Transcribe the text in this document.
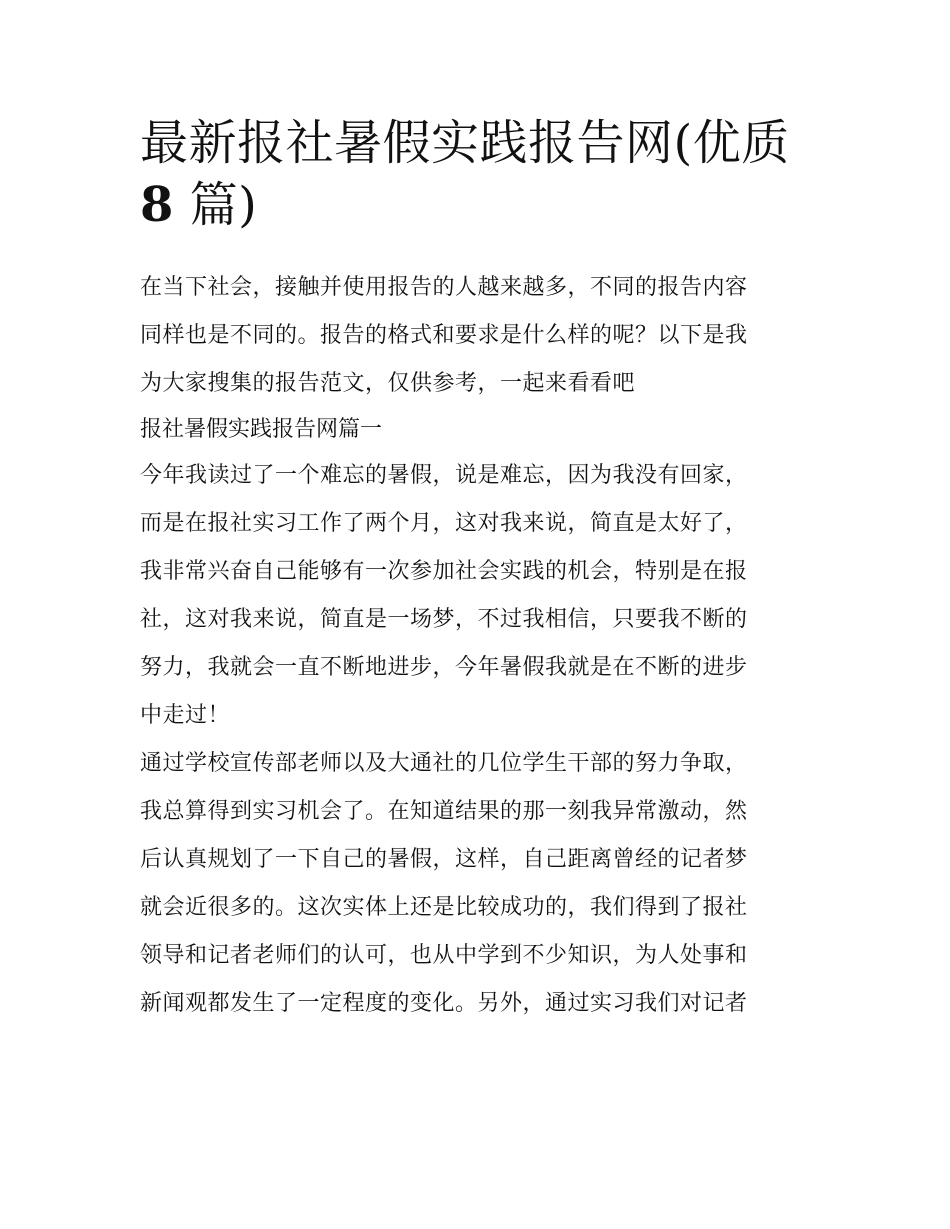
最新报社暑假实践报告网(优质
8 篇)

在当下社会，接触并使用报告的人越来越多，不同的报告内容

同样也是不同的。报告的格式和要求是什么样的呢？以下是我

为大家搜集的报告范文，仅供参考，一起来看看吧

报社暑假实践报告网篇一

今年我读过了一个难忘的暑假，说是难忘，因为我没有回家，

而是在报社实习工作了两个月，这对我来说，简直是太好了，

我非常兴奋自己能够有一次参加社会实践的机会，特别是在报

社，这对我来说，简直是一场梦，不过我相信，只要我不断的

努力，我就会一直不断地进步，今年暑假我就是在不断的进步

中走过！

通过学校宣传部老师以及大通社的几位学生干部的努力争取，

我总算得到实习机会了。在知道结果的那一刻我异常激动，然

后认真规划了一下自己的暑假，这样，自己距离曾经的记者梦

就会近很多的。这次实体上还是比较成功的，我们得到了报社

领导和记者老师们的认可，也从中学到不少知识，为人处事和

新闻观都发生了一定程度的变化。另外，通过实习我们对记者
